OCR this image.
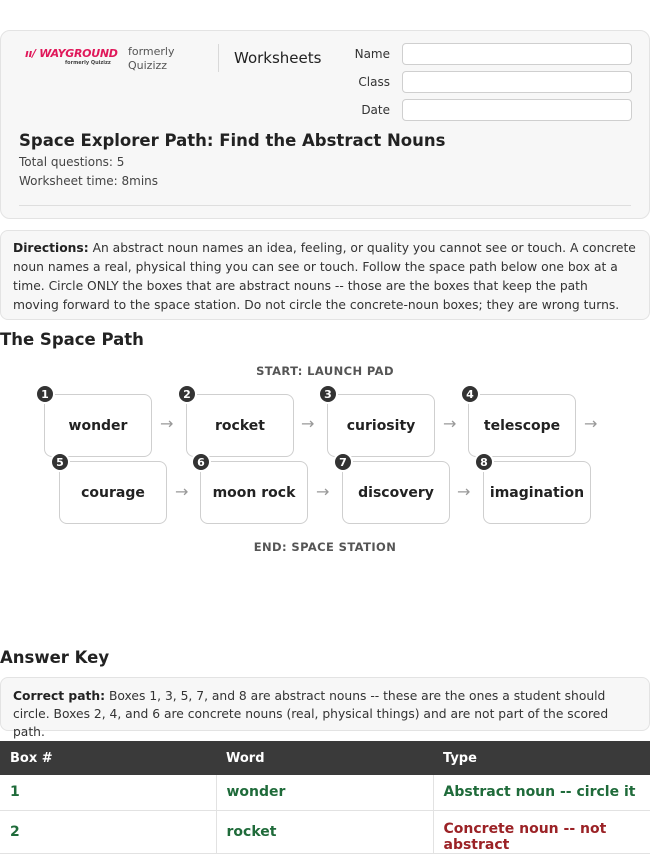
ıı/ WAYGROUND
formerly Quizizz
formerly
Quizizz	Worksheets	Name
Class
Date
Space Explorer Path: Find the Abstract Nouns
Total questions: 5
Worksheet time: 8mins
Directions: An abstract noun names an idea, feeling, or quality you cannot see or touch. A concrete noun names a real, physical thing you can see or touch. Follow the space path below one box at a time. Circle ONLY the boxes that are abstract nouns -- those are the boxes that keep the path moving forward to the space station. Do not circle the concrete-noun boxes; they are wrong turns.
The Space Path
START: LAUNCH PAD
wonder
1
→	rocket
2
→ curiosity
3
→ telescope
4
→
courage
5
→ moon rock
6
→ discovery
7
→ imagination
8
END: SPACE STATION
Answer Key
Correct path: Boxes 1, 3, 5, 7, and 8 are abstract nouns -- these are the ones a student should circle. Boxes 2, 4, and 6 are concrete nouns (real, physical things) and are not part of the scored path.
Box #	Word	Type
1	wonder	Abstract noun -- circle it
2	rocket	Concrete noun -- not abstract
